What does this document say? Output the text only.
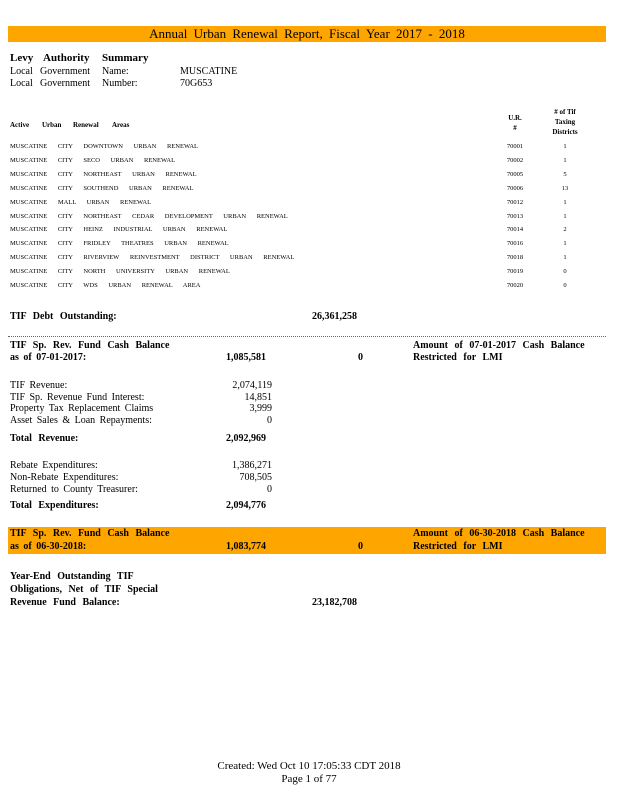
Annual Urban Renewal Report, Fiscal Year 2017 - 2018
Levy Authority Summary
Local Government Name:	MUSCATINE
Local Government Number:	70G653
Active Urban Renewal Areas
U.R.
#
# of Tif
Taxing
Districts
MUSCATINE CITY DOWNTOWN URBAN RENEWAL	70001	1
MUSCATINE CITY SECO URBAN RENEWAL	70002	1
MUSCATINE CITY NORTHEAST URBAN RENEWAL	70005	5
MUSCATINE CITY SOUTHEND URBAN RENEWAL	70006	13
MUSCATINE MALL URBAN RENEWAL	70012	1
MUSCATINE CITY NORTHEAST CEDAR DEVELOPMENT URBAN RENEWAL	70013	1
MUSCATINE CITY HEINZ INDUSTRIAL URBAN RENEWAL	70014	2
MUSCATINE CITY FRIDLEY THEATRES URBAN RENEWAL	70016	1
MUSCATINE CITY RIVERVIEW REINVESTMENT DISTRICT URBAN RENEWAL	70018	1
MUSCATINE CITY NORTH UNIVERSITY URBAN RENEWAL	70019	0
MUSCATINE CITY WDS URBAN RENEWAL AREA	70020	0
TIF Debt Outstanding:	26,361,258
TIF Sp. Rev. Fund Cash Balance
as of 07-01-2017:	1,085,581	0
Amount of 07-01-2017 Cash Balance
Restricted for LMI
TIF Revenue:	2,074,119
TIF Sp. Revenue Fund Interest:	14,851
Property Tax Replacement Claims	3,999
Asset Sales & Loan Repayments:	0
Total Revenue:	2,092,969
Rebate Expenditures:	1,386,271
Non-Rebate Expenditures:	708,505
Returned to County Treasurer:	0
Total Expenditures:	2,094,776
TIF Sp. Rev. Fund Cash Balance
as of 06-30-2018:	1,083,774	0
Amount of 06-30-2018 Cash Balance
Restricted for LMI
Year-End Outstanding TIF
Obligations, Net of TIF Special
Revenue Fund Balance:	23,182,708
Created: Wed Oct 10 17:05:33 CDT 2018
Page 1 of 77
